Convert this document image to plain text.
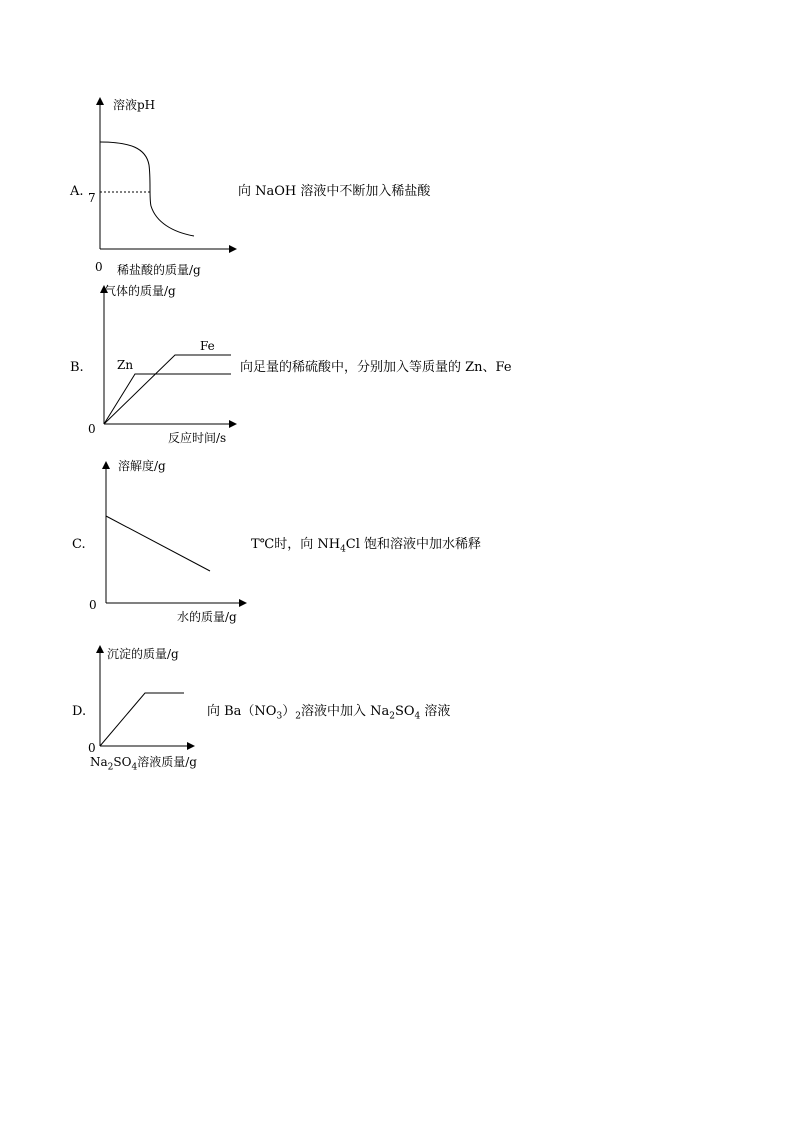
A.
溶液pH
7
0 稀盐酸的质量/g
向 NaOH 溶液中不断加入稀盐酸
B.
气体的质量/g
0
反应时间/s
Fe
Zn	向足量的稀硫酸中，分别加入等质量的 Zn、Fe
C.
溶解度/g
0
水的质量/g
T℃时，向 $NH_4Cl$ 饱和溶液中加水稀释
D.
沉淀的质量/g
0
$Na_2SO_4$溶液质量/g
向 $Ba(NO_3)_2$溶液中加入 $Na_2SO_4$ 溶液
